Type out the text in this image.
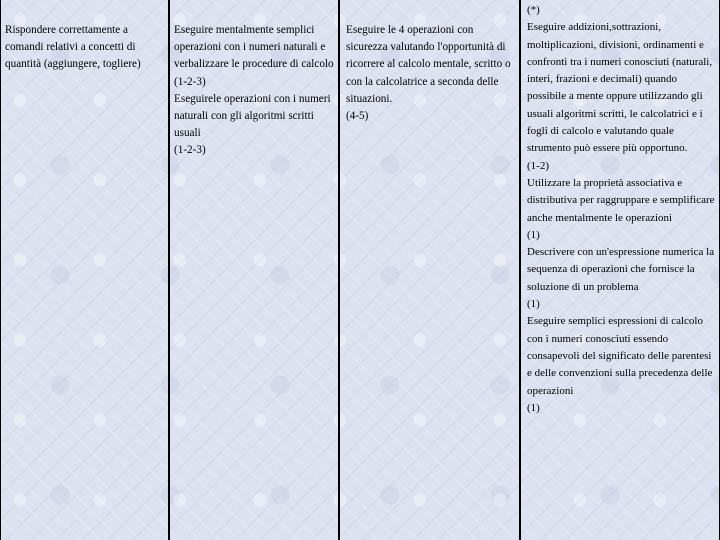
Rispondere correttamente a comandi relativi a concetti di quantità (aggiungere, togliere)
Eseguire mentalmente semplici operazioni con i numeri naturali e verbalizzare le procedure di calcolo
(1-2-3)
Eseguirele operazioni con i numeri naturali con gli algoritmi scritti usuali
(1-2-3)
Eseguire le 4 operazioni con sicurezza valutando l'opportunità di ricorrere al calcolo mentale, scritto o con la calcolatrice a seconda delle situazioni.
(4-5)
(*)
Eseguire addizioni,sottrazioni, moltiplicazioni, divisioni, ordinamenti e confronti tra i numeri conosciuti (naturali, interi, frazioni e decimali) quando possibile a mente oppure utilizzando gli usuali algoritmi scritti, le calcolatrici e i fogli di calcolo e valutando quale strumento può essere più opportuno.
(1-2)
Utilizzare la proprietà associativa e distributiva per raggruppare e semplificare anche mentalmente le operazioni
(1)
Descrivere con un'espressione numerica la sequenza di operazioni che fornisce la soluzione di un problema
(1)
Eseguire semplici espressioni di calcolo con i numeri conosciuti essendo consapevoli del significato delle parentesi e delle convenzioni sulla precedenza delle operazioni
(1)
